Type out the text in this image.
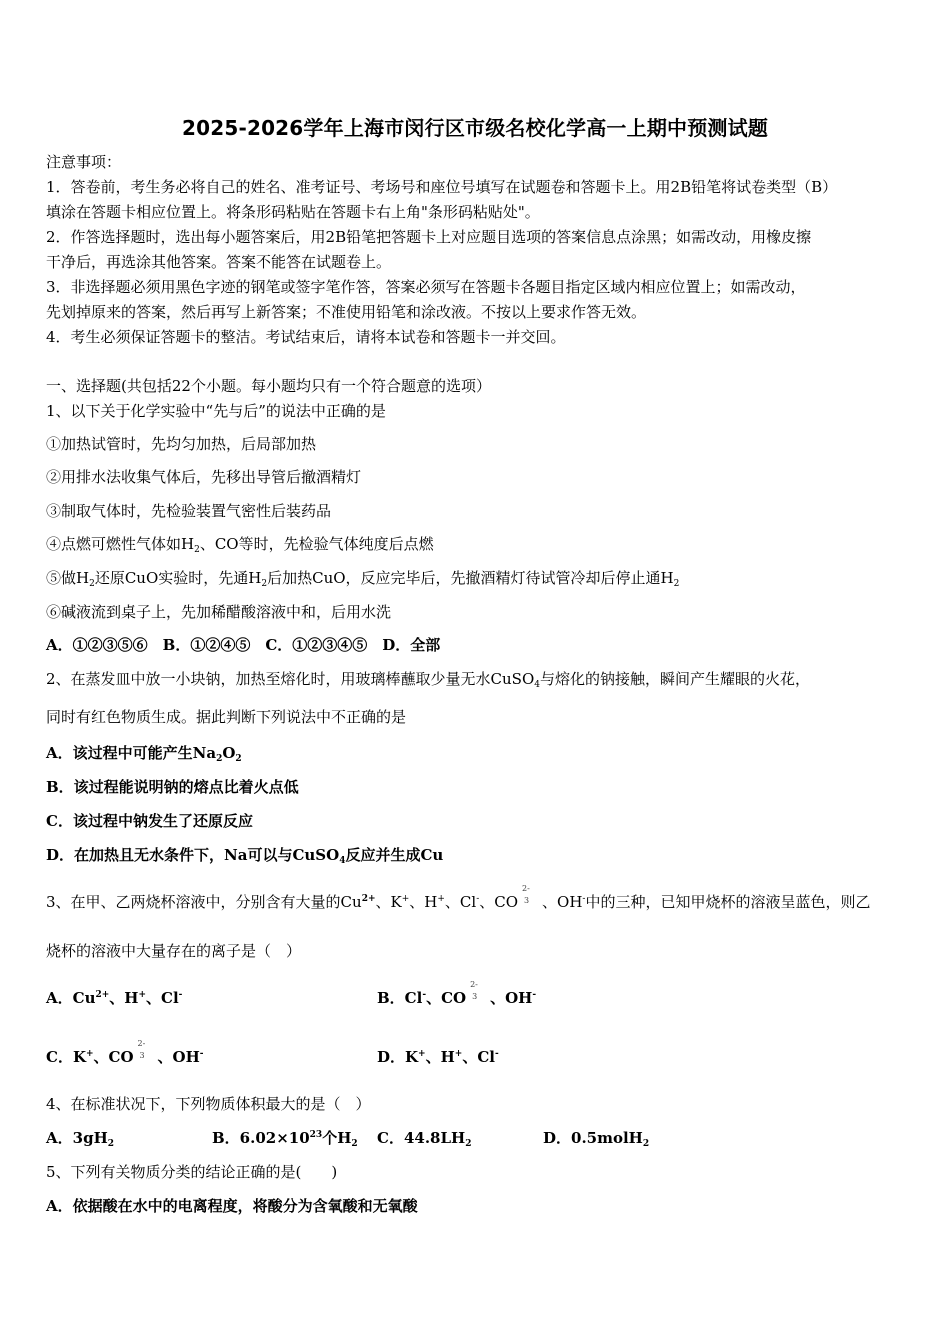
2025-2026学年上海市闵行区市级名校化学高一上期中预测试题
注意事项：
1．答卷前，考生务必将自己的姓名、准考证号、考场号和座位号填写在试题卷和答题卡上。用2B铅笔将试卷类型（B）
填涂在答题卡相应位置上。将条形码粘贴在答题卡右上角"条形码粘贴处"。
2．作答选择题时，选出每小题答案后，用2B铅笔把答题卡上对应题目选项的答案信息点涂黑；如需改动，用橡皮擦
干净后，再选涂其他答案。答案不能答在试题卷上。
3．非选择题必须用黑色字迹的钢笔或签字笔作答，答案必须写在答题卡各题目指定区域内相应位置上；如需改动，
先划掉原来的答案，然后再写上新答案；不准使用铅笔和涂改液。不按以上要求作答无效。
4．考生必须保证答题卡的整洁。考试结束后，请将本试卷和答题卡一并交回。
一、选择题(共包括22个小题。每小题均只有一个符合题意的选项）
1、以下关于化学实验中“先与后”的说法中正确的是
①加热试管时，先均匀加热，后局部加热
②用排水法收集气体后，先移出导管后撤酒精灯
③制取气体时，先检验装置气密性后装药品
④点燃可燃性气体如$H_2$、CO等时，先检验气体纯度后点燃
⑤做$H_2$还原CuO实验时，先通$H_2$后加热CuO，反应完毕后，先撤酒精灯待试管冷却后停止通$H_2$
⑥碱液流到桌子上，先加稀醋酸溶液中和，后用水洗
A．①②③⑤⑥　B．①②④⑤　C．①②③④⑤　D．全部
2、在蒸发皿中放一小块钠，加热至熔化时，用玻璃棒蘸取少量无水CuSO$_4$与熔化的钠接触，瞬间产生耀眼的火花，
同时有红色物质生成。据此判断下列说法中不正确的是
A．该过程中可能产生$Na_2O_2$
B．该过程能说明钠的熔点比着火点低
C．该过程中钠发生了还原反应
D．在加热且无水条件下，Na可以与CuSO$_4$反应并生成Cu
3、在甲、乙两烧杯溶液中，分别含有大量的$Cu^{2+}$、K+、H+、Cl-、CO
2-
3 、OH-中的三种，已知甲烧杯的溶液呈蓝色，则乙
烧杯的溶液中大量存在的离子是（　）
A．$Cu^{2+}$、H+、Cl-	B．Cl-、CO
2-
3 、OH-
C．K+、CO
2-
3 、OH-	D．K+、H+、Cl-
4、在标准状况下，下列物质体积最大的是（　）
A．$3gH_2$	B．$6.02\times 10^{23}$个$H_2$ C．$44.8LH_2$	D．0.5molH$_2$
5、下列有关物质分类的结论正确的是(　　)
A．依据酸在水中的电离程度，将酸分为含氧酸和无氧酸
